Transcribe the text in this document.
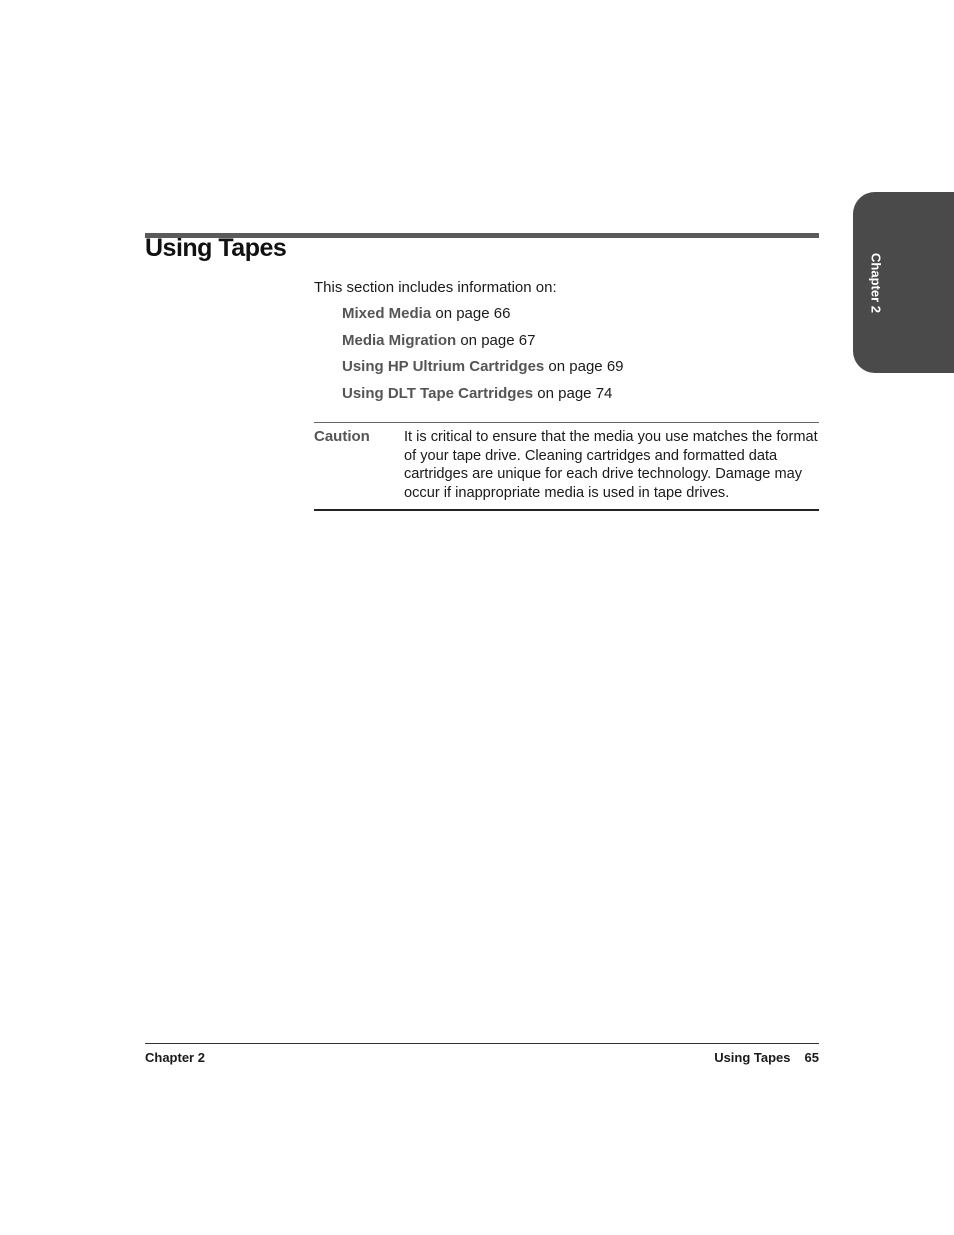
Chapter 2
Using Tapes
This section includes information on:
Mixed Media on page 66
Media Migration on page 67
Using HP Ultrium Cartridges on page 69
Using DLT Tape Cartridges on page 74
Caution It is critical to ensure that the media you use matches the format of your tape drive. Cleaning cartridges and formatted data cartridges are unique for each drive technology. Damage may occur if inappropriate media is used in tape drives.
Chapter 2	Using Tapes 65
